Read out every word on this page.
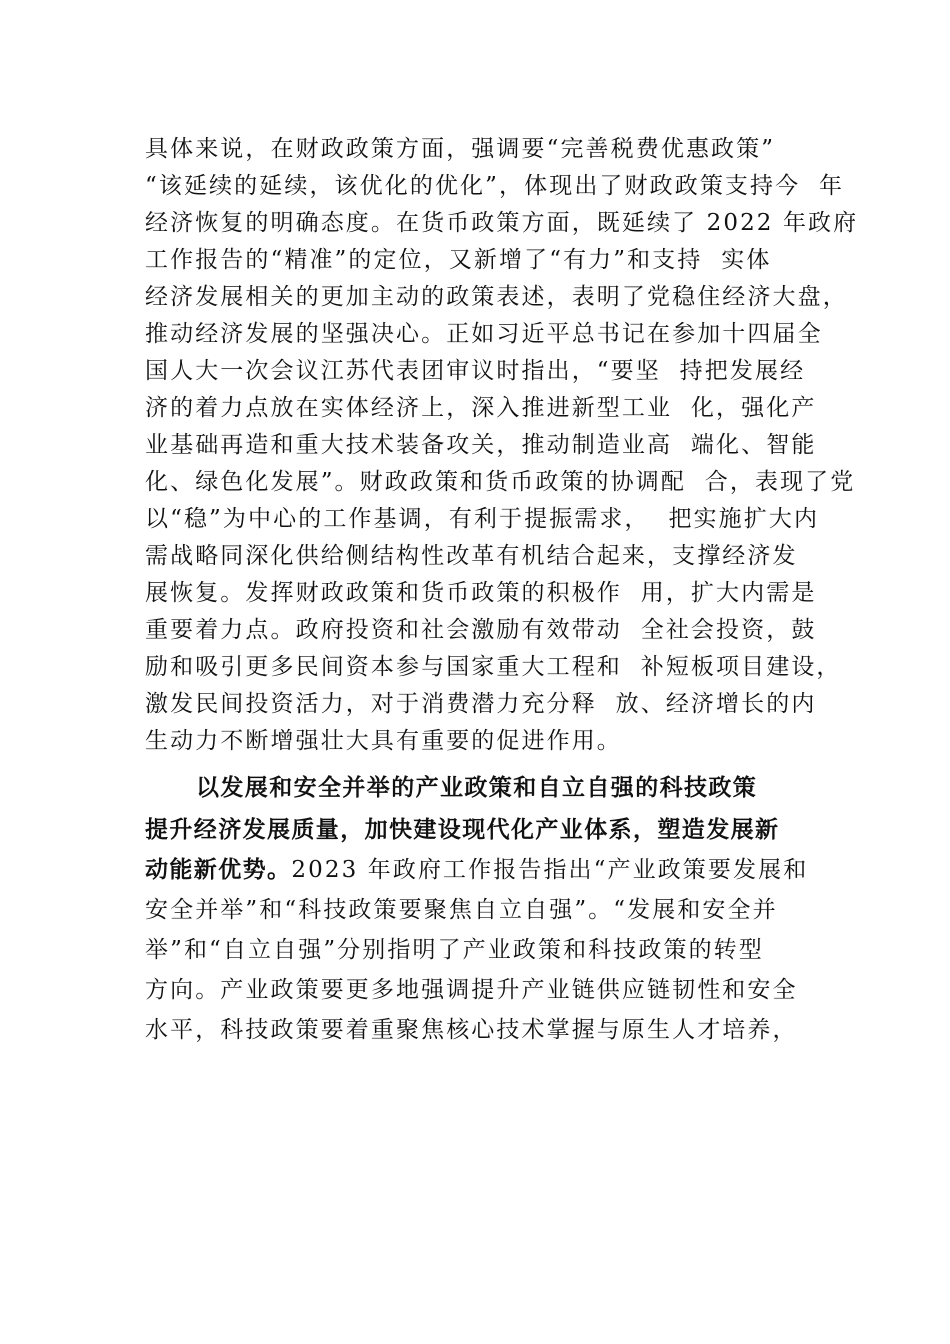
具体来说，在财政政策方面，强调要“完善税费优惠政策”
“该延续的延续，该优化的优化”，体现出了财政政策支持今  年
经济恢复的明确态度。在货币政策方面，既延续了 2022 年政府
工作报告的“精准”的定位，又新增了“有力”和支持  实体
经济发展相关的更加主动的政策表述，表明了党稳住经济大盘，
推动经济发展的坚强决心。正如习近平总书记在参加十四届全
国人大一次会议江苏代表团审议时指出，“要坚  持把发展经
济的着力点放在实体经济上，深入推进新型工业  化，强化产
业基础再造和重大技术装备攻关，推动制造业高  端化、智能
化、绿色化发展”。财政政策和货币政策的协调配  合，表现了党
以“稳”为中心的工作基调，有利于提振需求，  把实施扩大内
需战略同深化供给侧结构性改革有机结合起来，支撑经济发
展恢复。发挥财政政策和货币政策的积极作  用，扩大内需是
重要着力点。政府投资和社会激励有效带动  全社会投资，鼓
励和吸引更多民间资本参与国家重大工程和  补短板项目建设，
激发民间投资活力，对于消费潜力充分释  放、经济增长的内
生动力不断增强壮大具有重要的促进作用。
以发展和安全并举的产业政策和自立自强的科技政策
提升经济发展质量，加快建设现代化产业体系，塑造发展新
动能新优势。2023 年政府工作报告指出“产业政策要发展和
安全并举”和“科技政策要聚焦自立自强”。“发展和安全并
举”和“自立自强”分别指明了产业政策和科技政策的转型
方向。产业政策要更多地强调提升产业链供应链韧性和安全
水平，科技政策要着重聚焦核心技术掌握与原生人才培养，
